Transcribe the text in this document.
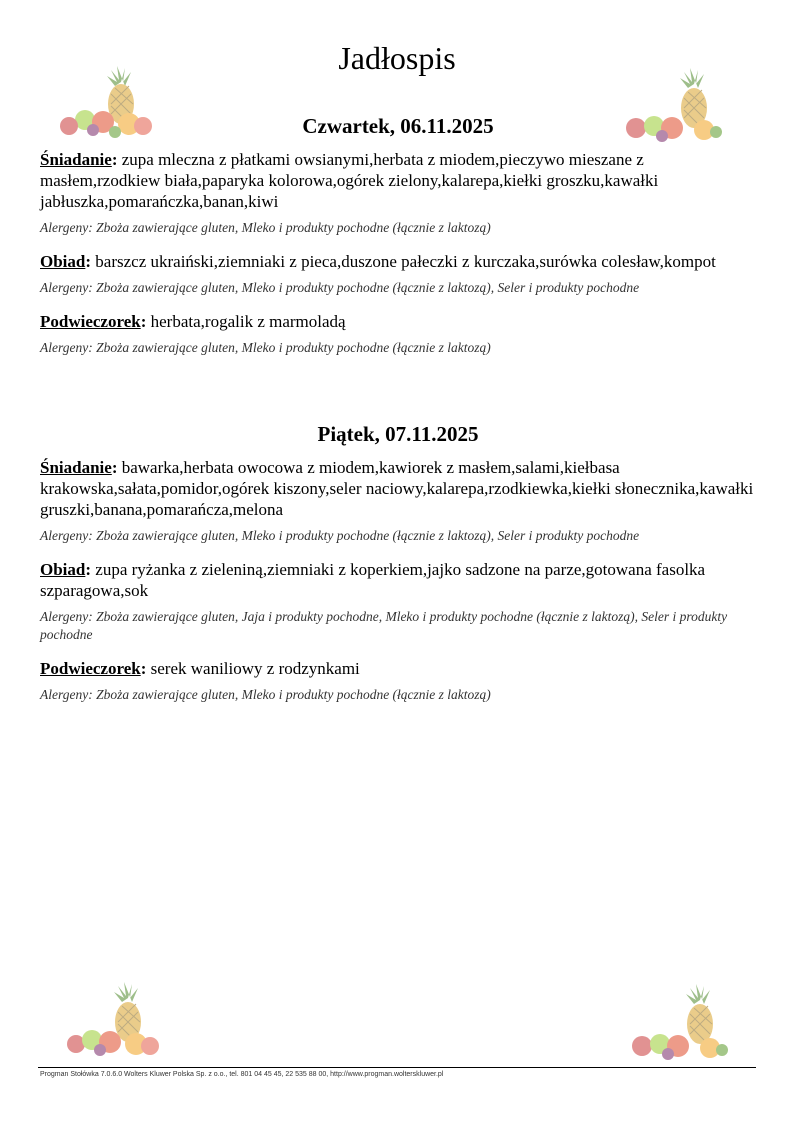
Jadłospis
Czwartek, 06.11.2025

Śniadanie: zupa mleczna z płatkami owsianymi,herbata z miodem,pieczywo mieszane z masłem,rzodkiew biała,paparyka kolorowa,ogórek zielony,kalarepa,kiełki groszku,kawałki jabłuszka,pomarańczka,banan,kiwi

Alergeny: Zboża zawierające gluten, Mleko i produkty pochodne (łącznie z laktozą)

Obiad: barszcz ukraiński,ziemniaki z pieca,duszone pałeczki z kurczaka,surówka colesław,kompot

Alergeny: Zboża zawierające gluten, Mleko i produkty pochodne (łącznie z laktozą), Seler i produkty pochodne

Podwieczorek: herbata,rogalik z marmoladą

Alergeny: Zboża zawierające gluten, Mleko i produkty pochodne (łącznie z laktozą)

Piątek, 07.11.2025

Śniadanie: bawarka,herbata owocowa z miodem,kawiorek z masłem,salami,kiełbasa krakowska,sałata,pomidor,ogórek kiszony,seler naciowy,kalarepa,rzodkiewka,kiełki słonecznika,kawałki gruszki,banana,pomarańcza,melona

Alergeny: Zboża zawierające gluten, Mleko i produkty pochodne (łącznie z laktozą), Seler i produkty pochodne

Obiad: zupa ryżanka z zieleniną,ziemniaki z koperkiem,jajko sadzone na parze,gotowana fasolka szparagowa,sok

Alergeny: Zboża zawierające gluten, Jaja i produkty pochodne, Mleko i produkty pochodne (łącznie z laktozą), Seler i produkty pochodne

Podwieczorek: serek waniliowy z rodzynkami

Alergeny: Zboża zawierające gluten, Mleko i produkty pochodne (łącznie z laktozą)

Progman Stołówka 7.0.6.0 Wolters Kluwer Polska Sp. z o.o., tel. 801 04 45 45, 22 535 88 00, http://www.progman.wolterskluwer.pl
